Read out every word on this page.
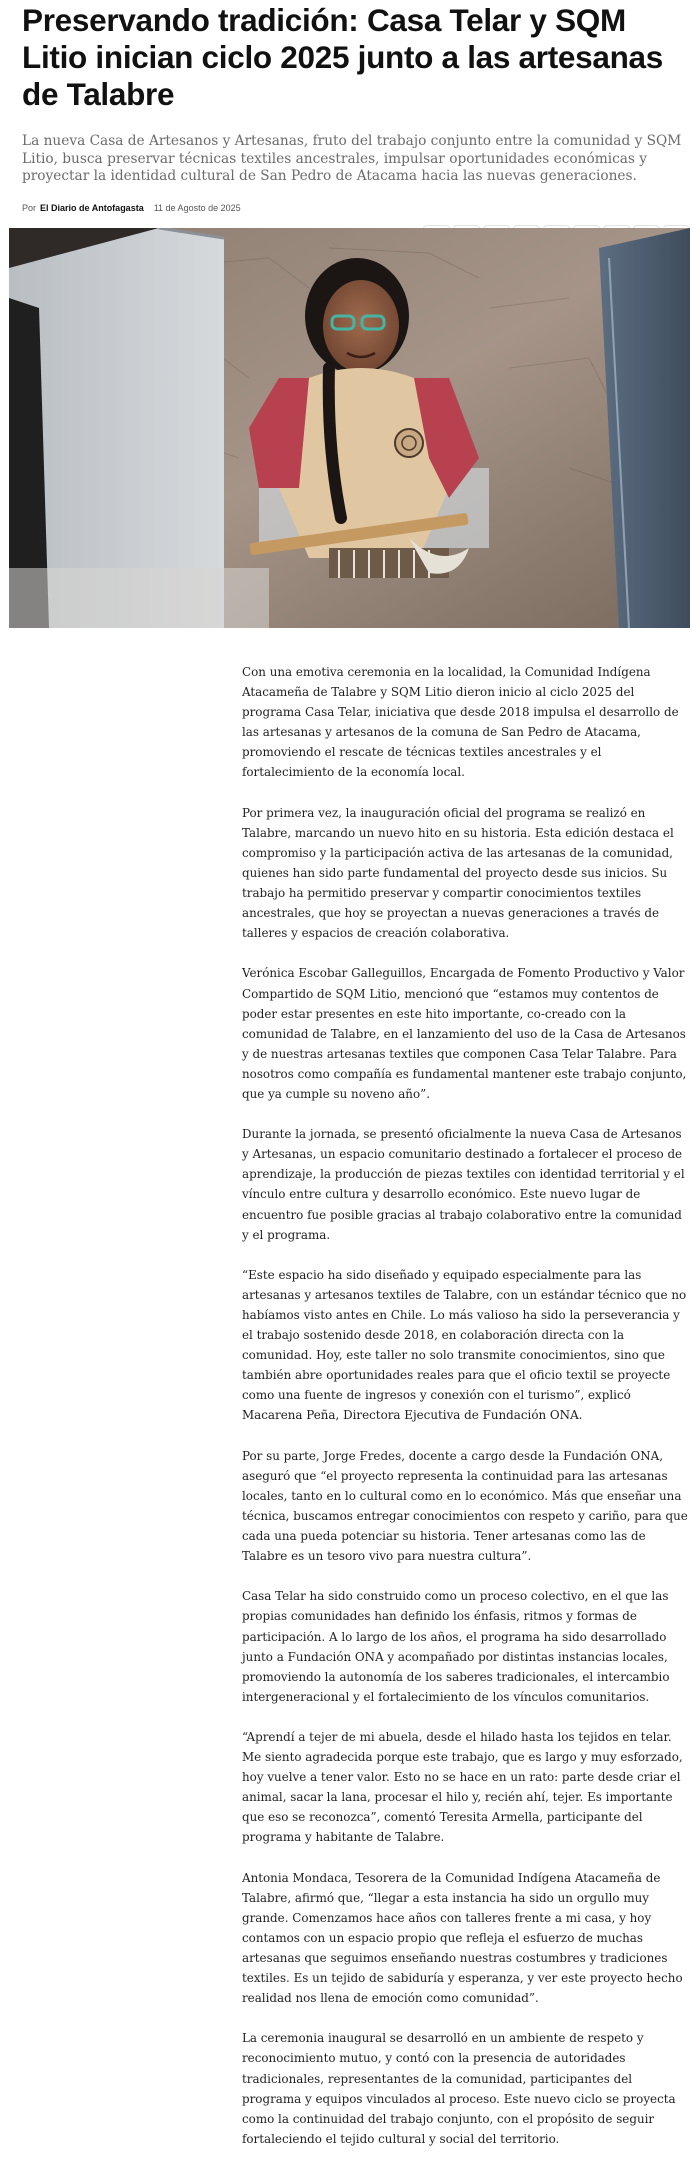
Preservando tradición: Casa Telar y SQM Litio inician ciclo 2025 junto a las artesanas de Talabre

La nueva Casa de Artesanos y Artesanas, fruto del trabajo conjunto entre la comunidad y SQM Litio, busca preservar técnicas textiles ancestrales, impulsar oportunidades económicas y proyectar la identidad cultural de San Pedro de Atacama hacia las nuevas generaciones.

Por El Diario de Antofagasta 11 de Agosto de 2025

Con una emotiva ceremonia en la localidad, la Comunidad Indígena Atacameña de Talabre y SQM Litio dieron inicio al ciclo 2025 del programa Casa Telar, iniciativa que desde 2018 impulsa el desarrollo de las artesanas y artesanos de la comuna de San Pedro de Atacama, promoviendo el rescate de técnicas textiles ancestrales y el fortalecimiento de la economía local.

Por primera vez, la inauguración oficial del programa se realizó en Talabre, marcando un nuevo hito en su historia. Esta edición destaca el compromiso y la participación activa de las artesanas de la comunidad, quienes han sido parte fundamental del proyecto desde sus inicios. Su trabajo ha permitido preservar y compartir conocimientos textiles ancestrales, que hoy se proyectan a nuevas generaciones a través de talleres y espacios de creación colaborativa.

Verónica Escobar Galleguillos, Encargada de Fomento Productivo y Valor Compartido de SQM Litio, mencionó que “estamos muy contentos de poder estar presentes en este hito importante, co-creado con la comunidad de Talabre, en el lanzamiento del uso de la Casa de Artesanos y de nuestras artesanas textiles que componen Casa Telar Talabre. Para nosotros como compañía es fundamental mantener este trabajo conjunto, que ya cumple su noveno año”.

Durante la jornada, se presentó oficialmente la nueva Casa de Artesanos y Artesanas, un espacio comunitario destinado a fortalecer el proceso de aprendizaje, la producción de piezas textiles con identidad territorial y el vínculo entre cultura y desarrollo económico. Este nuevo lugar de encuentro fue posible gracias al trabajo colaborativo entre la comunidad y el programa.

“Este espacio ha sido diseñado y equipado especialmente para las artesanas y artesanos textiles de Talabre, con un estándar técnico que no habíamos visto antes en Chile. Lo más valioso ha sido la perseverancia y el trabajo sostenido desde 2018, en colaboración directa con la comunidad. Hoy, este taller no solo transmite conocimientos, sino que también abre oportunidades reales para que el oficio textil se proyecte como una fuente de ingresos y conexión con el turismo”, explicó Macarena Peña, Directora Ejecutiva de Fundación ONA.

Por su parte, Jorge Fredes, docente a cargo desde la Fundación ONA, aseguró que “el proyecto representa la continuidad para las artesanas locales, tanto en lo cultural como en lo económico. Más que enseñar una técnica, buscamos entregar conocimientos con respeto y cariño, para que cada una pueda potenciar su historia. Tener artesanas como las de Talabre es un tesoro vivo para nuestra cultura”.

Casa Telar ha sido construido como un proceso colectivo, en el que las propias comunidades han definido los énfasis, ritmos y formas de participación. A lo largo de los años, el programa ha sido desarrollado junto a Fundación ONA y acompañado por distintas instancias locales, promoviendo la autonomía de los saberes tradicionales, el intercambio intergeneracional y el fortalecimiento de los vínculos comunitarios.

“Aprendí a tejer de mi abuela, desde el hilado hasta los tejidos en telar. Me siento agradecida porque este trabajo, que es largo y muy esforzado, hoy vuelve a tener valor. Esto no se hace en un rato: parte desde criar el animal, sacar la lana, procesar el hilo y, recién ahí, tejer. Es importante que eso se reconozca”, comentó Teresita Armella, participante del programa y habitante de Talabre.

Antonia Mondaca, Tesorera de la Comunidad Indígena Atacameña de Talabre, afirmó que, “llegar a esta instancia ha sido un orgullo muy grande. Comenzamos hace años con talleres frente a mi casa, y hoy contamos con un espacio propio que refleja el esfuerzo de muchas artesanas que seguimos enseñando nuestras costumbres y tradiciones textiles. Es un tejido de sabiduría y esperanza, y ver este proyecto hecho realidad nos llena de emoción como comunidad”.

La ceremonia inaugural se desarrolló en un ambiente de respeto y reconocimiento mutuo, y contó con la presencia de autoridades tradicionales, representantes de la comunidad, participantes del programa y equipos vinculados al proceso. Este nuevo ciclo se proyecta como la continuidad del trabajo conjunto, con el propósito de seguir fortaleciendo el tejido cultural y social del territorio.
